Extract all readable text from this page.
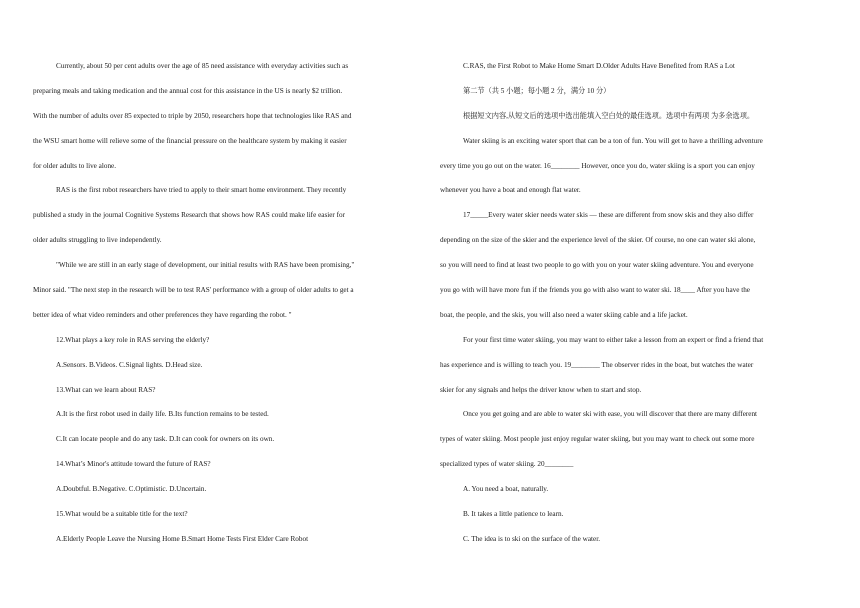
Currently, about 50 per cent adults over the age of 85 need assistance with everyday activities such as
preparing meals and taking medication and the annual cost for this assistance in the US is nearly $2 trillion.
With the number of adults over 85 expected to triple by 2050, researchers hope that technologies like RAS and
the WSU smart home will relieve some of the financial pressure on the healthcare system by making it easier
for older adults to live alone.
RAS is the first robot researchers have tried to apply to their smart home environment. They recently
published a study in the journal Cognitive Systems Research that shows how RAS could make life easier for
older adults struggling to live independently.
"While we are still in an early stage of development, our initial results with RAS have been promising,"
Minor said. "The next step in the research will be to test RAS' performance with a group of older adults to get a
better idea of what video reminders and other preferences they have regarding the robot. "
12.What plays a key role in RAS serving the elderly?
A.Sensors. B.Videos. C.Signal lights. D.Head size.
13.What can we learn about RAS?
A.It is the first robot used in daily life. B.Its function remains to be tested.
C.It can locate people and do any task. D.It can cook for owners on its own.
14.What’s Minor's attitude toward the future of RAS?
A.Doubtful. B.Negative. C.Optimistic. D.Uncertain.
15.What would be a suitable title for the text?
A.Elderly People Leave the Nursing Home B.Smart Home Tests First Elder Care Robot
C.RAS, the First Robot to Make Home Smart D.Older Adults Have Benefited from RAS a Lot
第二节（共 5 小题；每小题 2 分，满分 10 分）
根据短文内容,从短文后的选项中选出能填入空白处的最佳选项。选项中有两项 为多余选项。
Water skiing is an exciting water sport that can be a ton of fun. You will get to have a thrilling adventure
every time you go out on the water. 16________ However, once you do, water skiing is a sport you can enjoy
whenever you have a boat and enough flat water.
17_____Every water skier needs water skis — these are different from snow skis and they also differ
depending on the size of the skier and the experience level of the skier. Of course, no one can water ski alone,
so you will need to find at least two people to go with you on your water skiing adventure. You and everyone
you go with will have more fun if the friends you go with also want to water ski. 18____ After you have the
boat, the people, and the skis, you will also need a water skiing cable and a life jacket.
For your first time water skiing, you may want to either take a lesson from an expert or find a friend that
has experience and is willing to teach you. 19________ The observer rides in the boat, but watches the water
skier for any signals and helps the driver know when to start and stop.
Once you get going and are able to water ski with ease, you will discover that there are many different
types of water skiing. Most people just enjoy regular water skiing, but you may want to check out some more
specialized types of water skiing. 20________
A. You need a boat, naturally.
B. It takes a little patience to learn.
C. The idea is to ski on the surface of the water.
